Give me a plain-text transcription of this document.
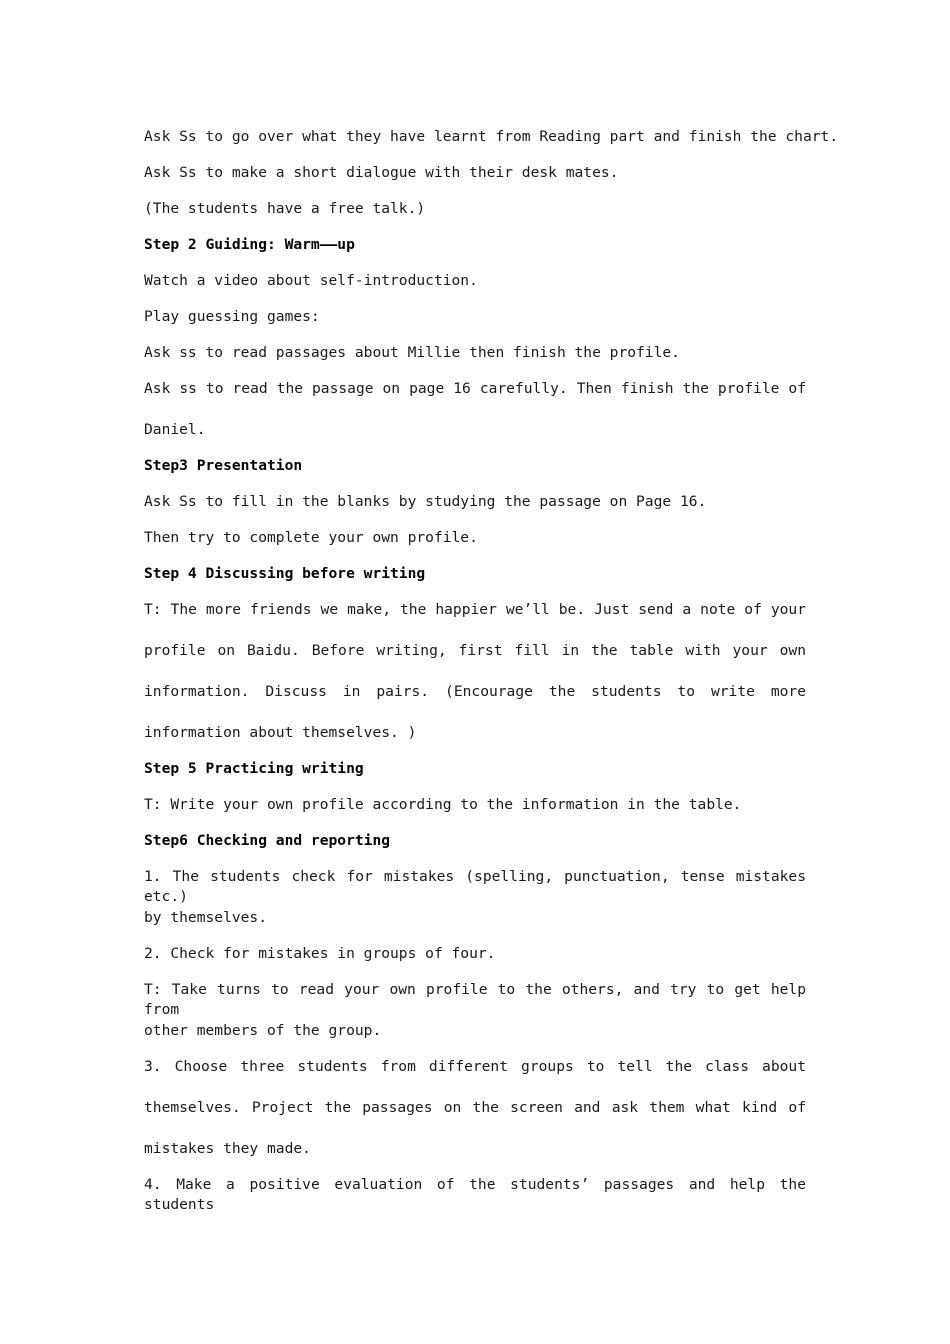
Ask Ss to go over what they have learnt from Reading part and finish the chart.
Ask Ss to make a short dialogue with their desk mates.
(The students have a free talk.)
Step 2 Guiding: Warm——up
Watch a video about self-introduction.
Play guessing games:
Ask ss to read passages about Millie then finish the profile.
Ask ss to read the passage on page 16 carefully. Then finish the profile of
Daniel.
Step3 Presentation
Ask Ss to fill in the blanks by studying the passage on Page 16.
Then try to complete your own profile.
Step 4 Discussing before writing
T: The more friends we make, the happier we’ll be. Just send a note of your
profile on Baidu. Before writing, first fill in the table with your own
information. Discuss in pairs. (Encourage the students to write more
information about themselves. )
Step 5 Practicing writing
T: Write your own profile according to the information in the table.
Step6 Checking and reporting
1. The students check for mistakes (spelling, punctuation, tense mistakes etc.)
by themselves.
2. Check for mistakes in groups of four.
T: Take turns to read your own profile to the others, and try to get help from
other members of the group.
3. Choose three students from different groups to tell the class about
themselves. Project the passages on the screen and ask them what kind of
mistakes they made.
4. Make a positive evaluation of the students’ passages and help the students
